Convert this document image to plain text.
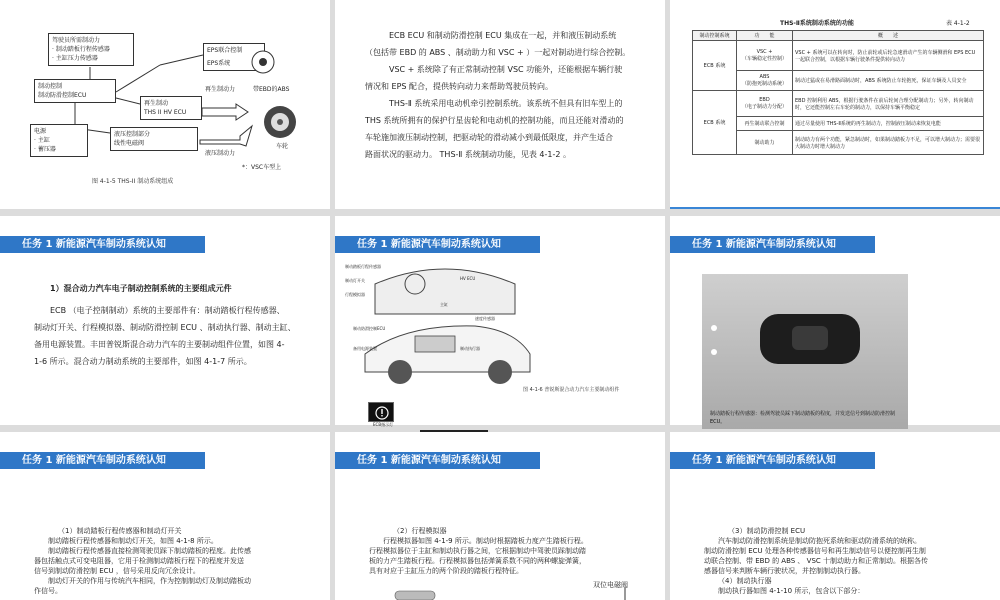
驾驶员所需制动力
· 制动踏板行程传感器
· 主缸压力传感器
制动控制
制动防滑控制ECU
EPS联合控制
EPS系统
带EBD的ABS
再生制动力
再生制动
THS II HV ECU
电源
· 主缸
· 蓄压器
液压控制部分
线性电磁阀
液压制动力
车轮
*：VSC车型上
图 4-1-5 THS-II 制动系统组成
ECB ECU 和制动防滑控制 ECU 集成在一起，并和液压制动系统
（包括带 EBD 的 ABS 、制动助力和 VSC + ）一起对制动进行综合控制。
VSC + 系统除了有正常制动控制 VSC 功能外，还能根据车辆行驶
情况和 EPS 配合，提供转向动力来帮助驾驶员转向。
THS-Ⅱ 系统采用电动机牵引控制系统。该系统不但具有旧车型上的
THS 系统所拥有的保护行星齿轮和电动机的控制功能，而且还能对滑动的
车轮施加液压制动控制，把驱动轮的滑动减小到最低限度，并产生适合
路面状况的驱动力。 THS-Ⅱ 系统制动功能，见表 4-1-2 。
THS-Ⅱ系统制动系统的功能	表 4-1-2
制动控制系统	功　　能	概　　述
ECB 系统	VSC +
（车辆稳定性控制）	VSC + 系统可以在转向时，防止前轮或后轮急速滑动产生的车辆侧滑和 EPS ECU 一起联合控制，以根据车辆行驶条件提供转向动力
	ABS
（防抱死制动系统）	制动过猛或在易滑路面制动时，ABS 系统防止车轮抱死，保证车辆及人员安全
ECB 系统	EBD
（电子制动力分配）	EBD 控制利用 ABS，根据行驶条件在前后轮间合理分配制动力；另外，转向制动时，它还能控制左右车轮的制动力，以保持车辆平衡稳定
	再生制动联合控制	通过尽量使用 THS-Ⅱ系统的再生制动力，控制液压制动来恢复电能
	制动助力	制动助力有两个功能，紧急制动时，如果制动踏板力不足，可以增大制动力；需要很大制动力时增大制动力
任务 1 新能源汽车制动系统认知
1）混合动力汽车电子制动控制系统的主要组成元件
ECB （电子控制制动）系统的主要部件有：制动踏板行程传感器、
制动灯开关、行程模拟器、制动防滑控制 ECU 、制动执行器、制动主缸、
备用电源装置。丰田普锐斯混合动力汽车的主要制动组件位置，如图 4-
1-6 所示。混合动力制动系统的主要部件，如图 4-1-7 所示。
任务 1 新能源汽车制动系统认知
制动踏板行程传感器
制动灯开关
行程模拟器
主缸
备用电源装置	制动执行器
制动防滑控制ECU
HV ECU
速度传感器
ECB指示灯
图 4-1-6 普锐斯混合动力汽车主要制动组件
任务 1 新能源汽车制动系统认知
制动踏板行程传感器：检测驾驶员踩下制动踏板的程度，并发送信号到制动防滑控制ECU。
任务 1 新能源汽车制动系统认知
（1）制动踏板行程传感器和制动灯开关
制动踏板行程传感器和制动灯开关，如图 4-1-8 所示。
制动踏板行程传感器直接检测驾驶员踩下制动踏板的程度。此传感
器包括触点式可变电阻器，它用于检测制动踏板行程下的程度并发送
信号到制动防滑控制 ECU ，信号采用反向冗余设计。
制动灯开关的作用与传统汽车相同，作为控制制动灯及制动踏板动
作信号。
任务 1 新能源汽车制动系统认知
（2）行程模拟器
行程模拟器如图 4-1-9 所示。制动时根据踏板力度产生踏板行程。
行程模拟器位于主缸和制动执行器之间，它根据制动中驾驶员踩制动踏
板的力产生踏板行程。行程模拟器包括弹簧系数不同的两种螺旋弹簧，
具有对应于主缸压力的两个阶段的踏板行程特征。
双位电磁阀
任务 1 新能源汽车制动系统认知
（3）制动防滑控制 ECU
汽车制动防滑控制系统是制动防抱死系统和驱动防滑系统的统称。
制动防滑控制 ECU 处理各种传感器信号和再生制动信号以便控制再生制
动联合控制、带 EBD 的 ABS 、 VSC 十制动助力和正常制动。根据各传
感器信号来判断车辆行驶状况，并控制制动执行器。
（4）制动执行器
制动执行器如图 4-1-10 所示，包含以下部分：
